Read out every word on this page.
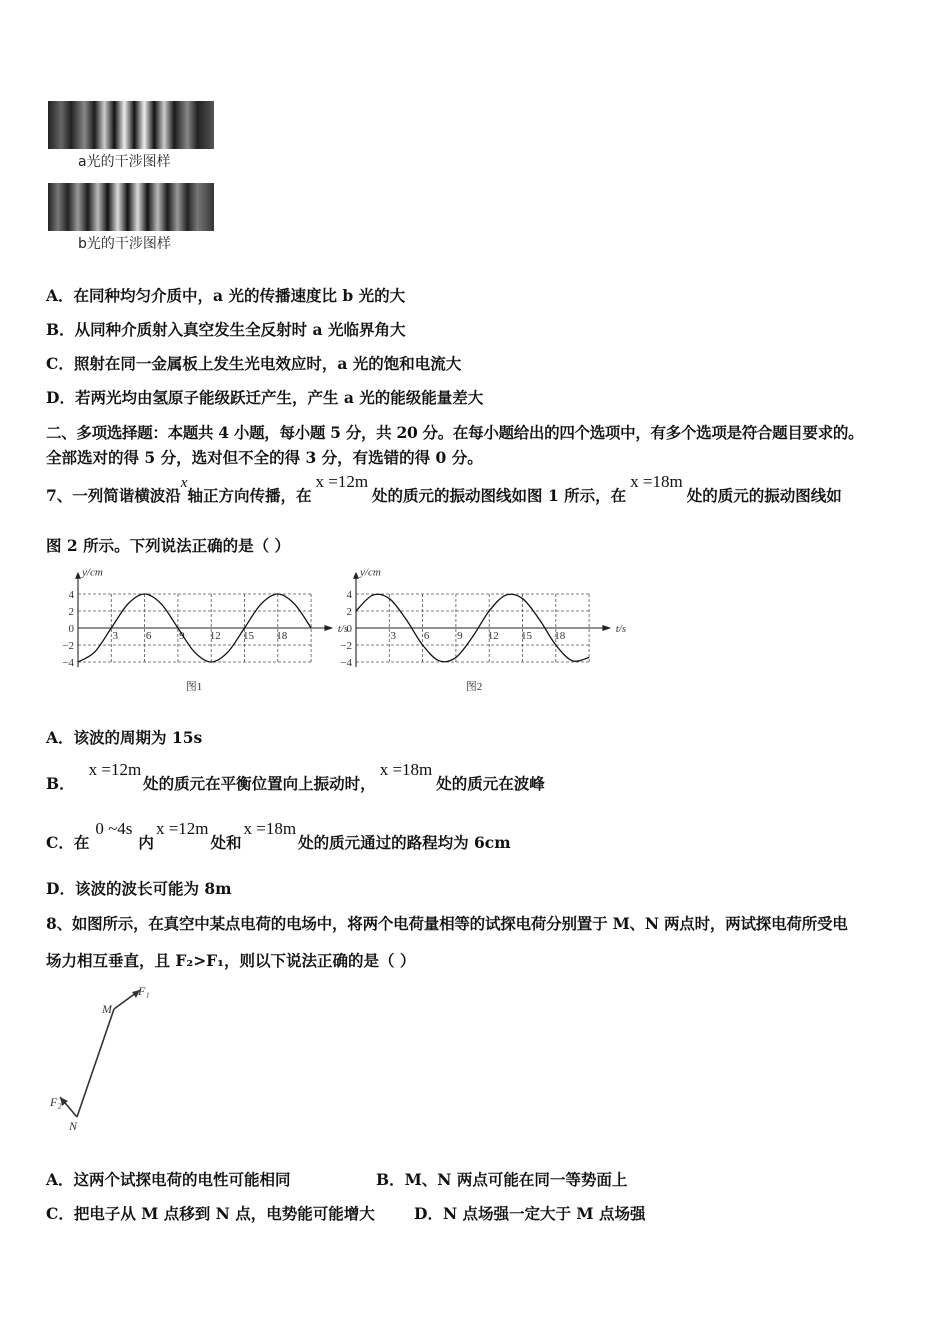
a光的干涉图样
b光的干涉图样
A．在同种均匀介质中，a 光的传播速度比 b 光的大
B．从同种介质射入真空发生全反射时 a 光临界角大
C．照射在同一金属板上发生光电效应时，a 光的饱和电流大
D．若两光均由氢原子能级跃迁产生，产生 a 光的能级能量差大
二、多项选择题：本题共 4 小题，每小题 5 分，共 20 分。在每小题给出的四个选项中，有多个选项是符合题目要求的。
全部选对的得 5 分，选对但不全的得 3 分，有选错的得 0 分。
7、一列简谐横波沿x轴正方向传播，在x =12m处的质元的振动图线如图 1 所示，在x =18m处的质元的振动图线如
图 2 所示。下列说法正确的是（ ）
4
2
0
−2
−4
3	6	9 12 15 18
y/cm
t/s
图1
4
2
0
−2
−4
3	6	9 12 15 18
y/cm
t/s
图2
A．该波的周期为 15s
B．x =12m处的质元在平衡位置向上振动时，x =18m处的质元在波峰
C．在0 ~4s内x =12m处和x =18m处的质元通过的路程均为 6cm
D．该波的波长可能为 8m
8、如图所示，在真空中某点电荷的电场中，将两个电荷量相等的试探电荷分别置于 M、N 两点时，两试探电荷所受电
场力相互垂直，且 F₂>F₁，则以下说法正确的是（ ）
M
N
F₁
F₂
A．这两个试探电荷的电性可能相同	B．M、N 两点可能在同一等势面上
C．把电子从 M 点移到 N 点，电势能可能增大	D．N 点场强一定大于 M 点场强
